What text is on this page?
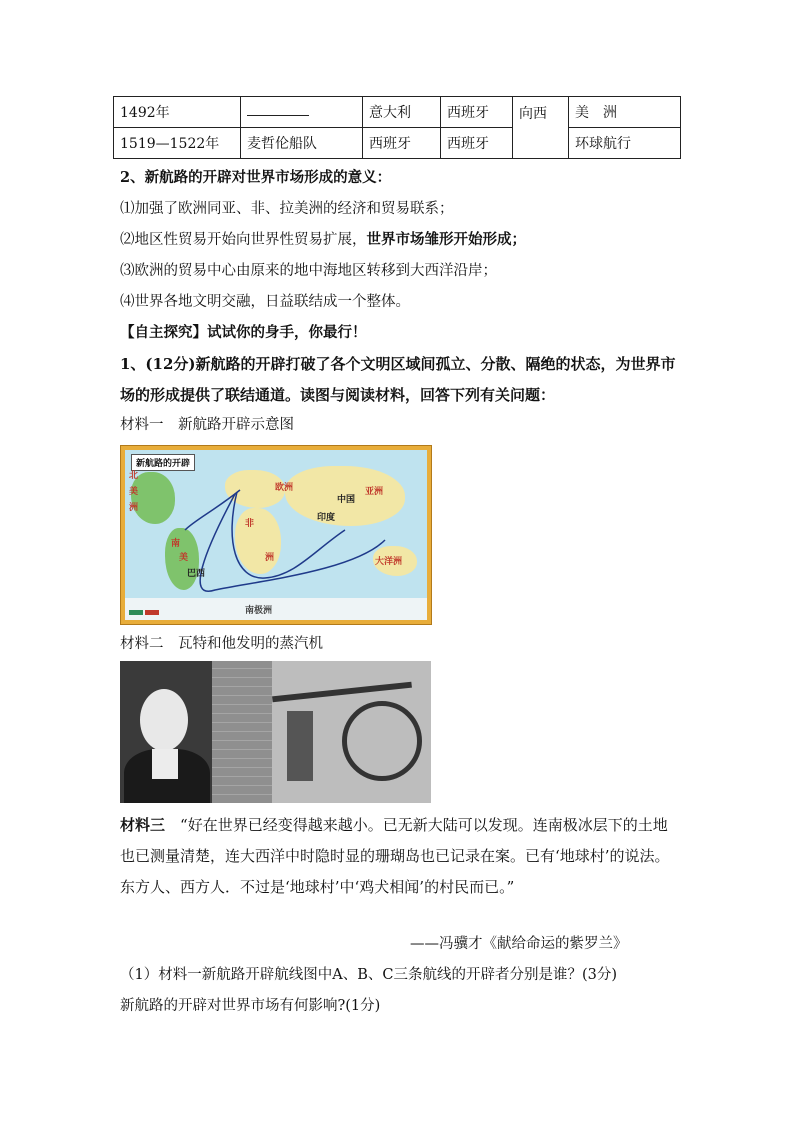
1492年		意大利	西班牙	向西	美　洲
1519—1522年	麦哲伦船队	西班牙	西班牙		环球航行
2、新航路的开辟对世界市场形成的意义：
⑴加强了欧洲同亚、非、拉美洲的经济和贸易联系；
⑵地区性贸易开始向世界性贸易扩展，世界市场雏形开始形成；
⑶欧洲的贸易中心由原来的地中海地区转移到大西洋沿岸；
⑷世界各地文明交融，日益联结成一个整体。
【自主探究】试试你的身手，你最行！
1、(12分)新航路的开辟打破了各个文明区域间孤立、分散、隔绝的状态，为世界市场的形成提供了联结通道。读图与阅读材料，回答下列有关问题：
材料一　新航路开辟示意图
新航路的开辟
欧洲	亚洲
中国
北
美
洲
南
美
非
洲	大洋洲
南极洲
印度
巴西
材料二　瓦特和他发明的蒸汽机
材料三　 “好在世界已经变得越来越小。已无新大陆可以发现。连南极冰层下的土地也已测量清楚，连大西洋中时隐时显的珊瑚岛也已记录在案。已有‘地球村’的说法。东方人、西方人．不过是‘地球村’中‘鸡犬相闻’的村民而已。”
——冯骥才《献给命运的紫罗兰》
（1）材料一新航路开辟航线图中A、B、C三条航线的开辟者分别是谁？(3分)
新航路的开辟对世界市场有何影响?(1分)
